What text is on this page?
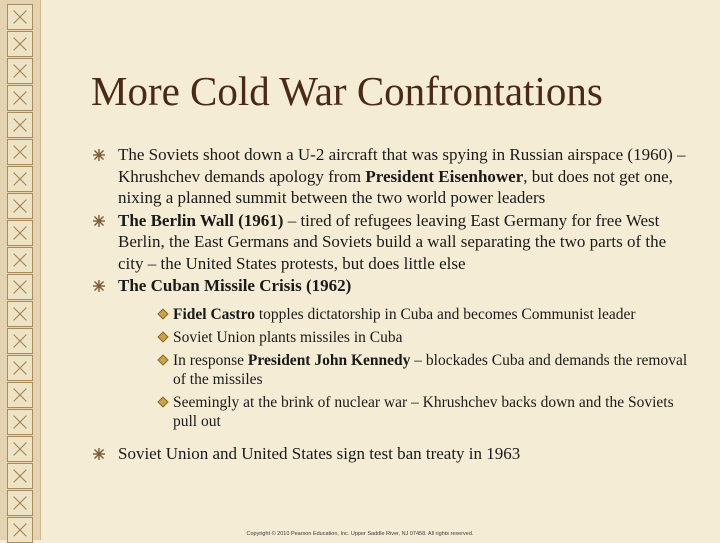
More Cold War Confrontations
The Soviets shoot down a U-2 aircraft that was spying in Russian airspace (1960) – Khrushchev demands apology from President Eisenhower, but does not get one, nixing a planned summit between the two world power leaders
The Berlin Wall (1961) – tired of refugees leaving East Germany for free West Berlin, the East Germans and Soviets build a wall separating the two parts of the city – the United States protests, but does little else
The Cuban Missile Crisis (1962)
Fidel Castro topples dictatorship in Cuba and becomes Communist leader
Soviet Union plants missiles in Cuba
In response President John Kennedy – blockades Cuba and demands the removal of the missiles
Seemingly at the brink of nuclear war – Khrushchev backs down and the Soviets pull out
Soviet Union and United States sign test ban treaty in 1963
Copyright © 2010 Pearson Education, Inc. Upper Saddle River, NJ 07458. All rights reserved.
